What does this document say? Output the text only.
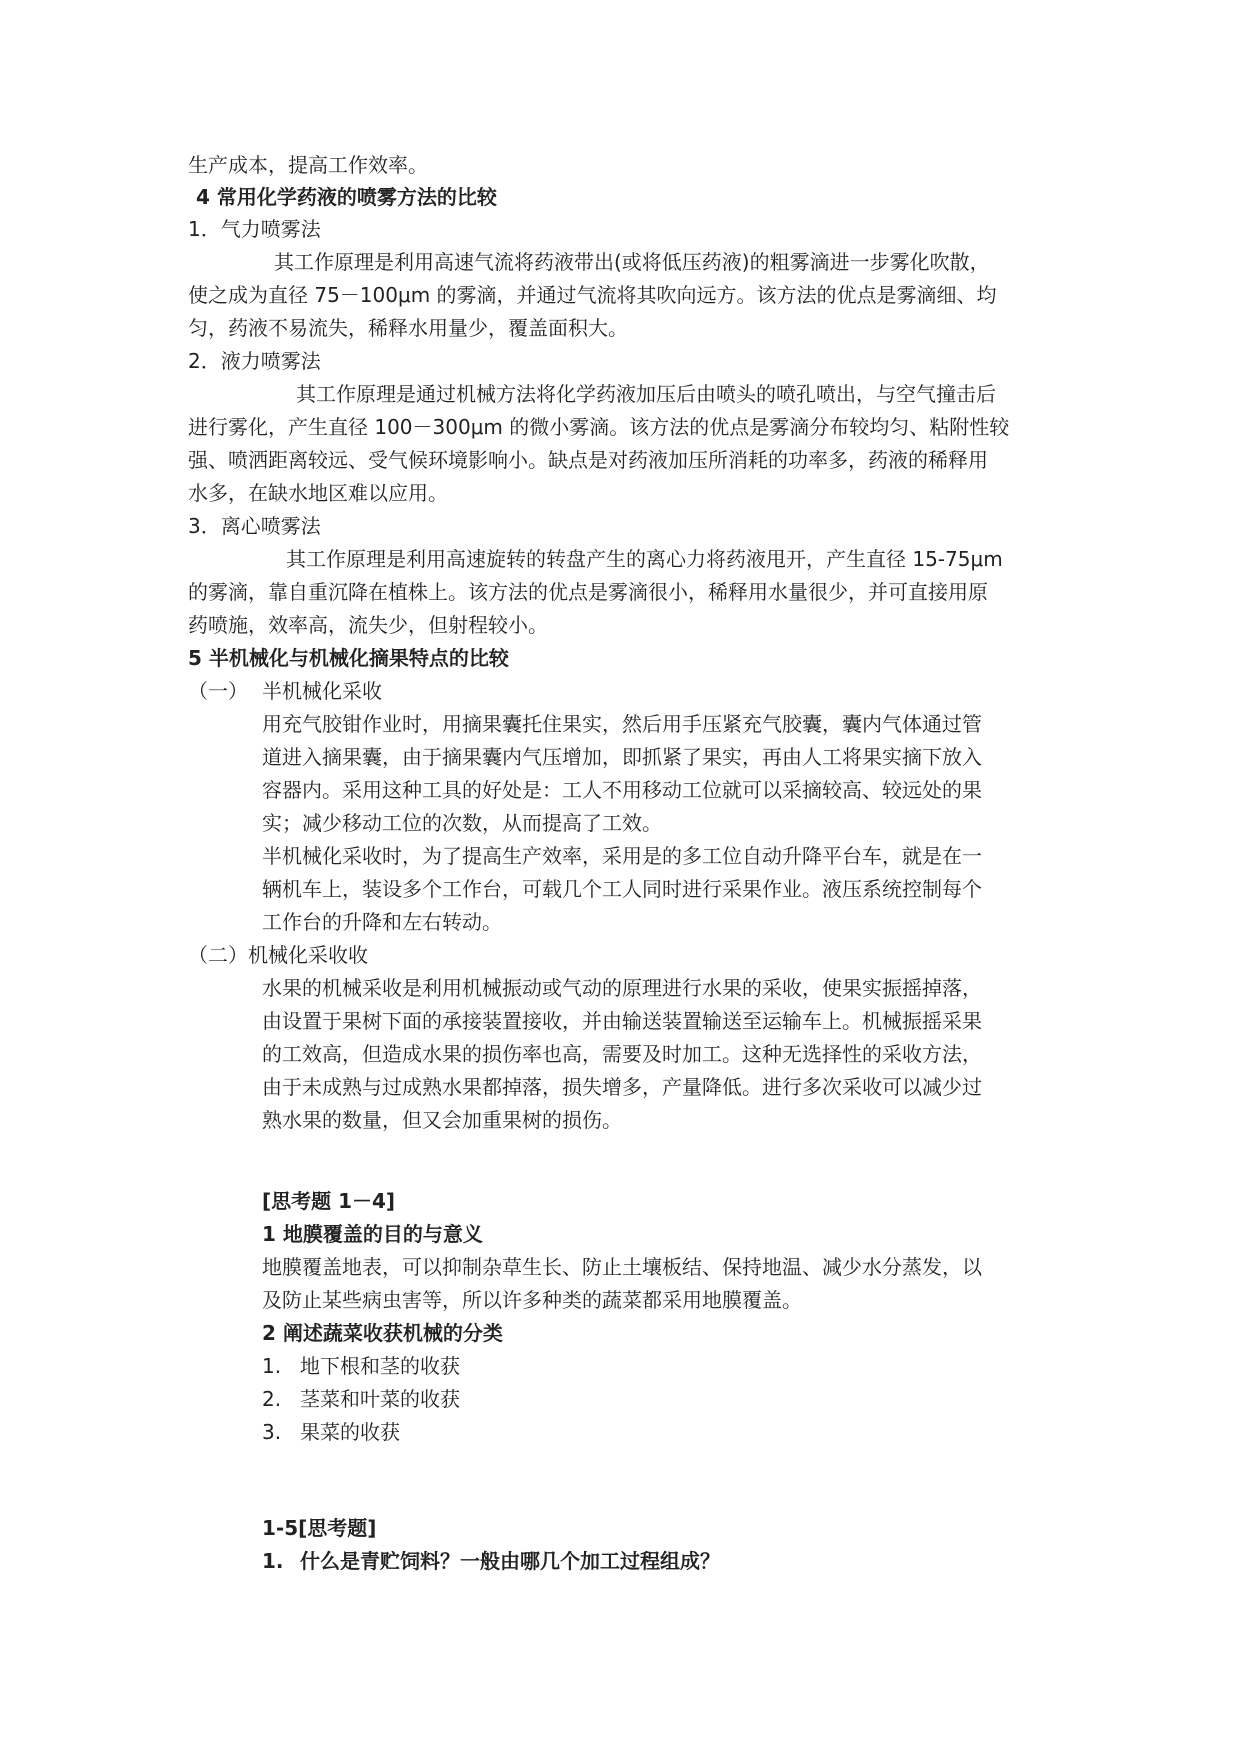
生产成本，提高工作效率。
4 常用化学药液的喷雾方法的比较
1．气力喷雾法
其工作原理是利用高速气流将药液带出(或将低压药液)的粗雾滴进一步雾化吹散，
使之成为直径 75－100μm 的雾滴，并通过气流将其吹向远方。该方法的优点是雾滴细、均
匀，药液不易流失，稀释水用量少，覆盖面积大。
2．液力喷雾法
其工作原理是通过机械方法将化学药液加压后由喷头的喷孔喷出，与空气撞击后
进行雾化，产生直径 100－300μm 的微小雾滴。该方法的优点是雾滴分布较均匀、粘附性较
强、喷洒距离较远、受气候环境影响小。缺点是对药液加压所消耗的功率多，药液的稀释用
水多，在缺水地区难以应用。
3．离心喷雾法
其工作原理是利用高速旋转的转盘产生的离心力将药液甩开，产生直径 15-75μm
的雾滴，靠自重沉降在植株上。该方法的优点是雾滴很小，稀释用水量很少，并可直接用原
药喷施，效率高，流失少，但射程较小。
5 半机械化与机械化摘果特点的比较
（一） 半机械化采收
用充气胶钳作业时，用摘果囊托住果实，然后用手压紧充气胶囊，囊内气体通过管
道进入摘果囊，由于摘果囊内气压增加，即抓紧了果实，再由人工将果实摘下放入
容器内。采用这种工具的好处是：工人不用移动工位就可以采摘较高、较远处的果
实；减少移动工位的次数，从而提高了工效。
半机械化采收时，为了提高生产效率，采用是的多工位自动升降平台车，就是在一
辆机车上，装设多个工作台，可载几个工人同时进行采果作业。液压系统控制每个
工作台的升降和左右转动。
（二）机械化采收收
水果的机械采收是利用机械振动或气动的原理进行水果的采收，使果实振摇掉落，
由设置于果树下面的承接装置接收，并由输送装置输送至运输车上。机械振摇采果
的工效高，但造成水果的损伤率也高，需要及时加工。这种无选择性的采收方法，
由于未成熟与过成熟水果都掉落，损失增多，产量降低。进行多次采收可以减少过
熟水果的数量，但又会加重果树的损伤。
[思考题 1－4]
1 地膜覆盖的目的与意义
地膜覆盖地表，可以抑制杂草生长、防止土壤板结、保持地温、减少水分蒸发，以
及防止某些病虫害等，所以许多种类的蔬菜都采用地膜覆盖。
2 阐述蔬菜收获机械的分类
1. 地下根和茎的收获
2. 茎菜和叶菜的收获
3. 果菜的收获
1-5[思考题]
1. 什么是青贮饲料？一般由哪几个加工过程组成？
